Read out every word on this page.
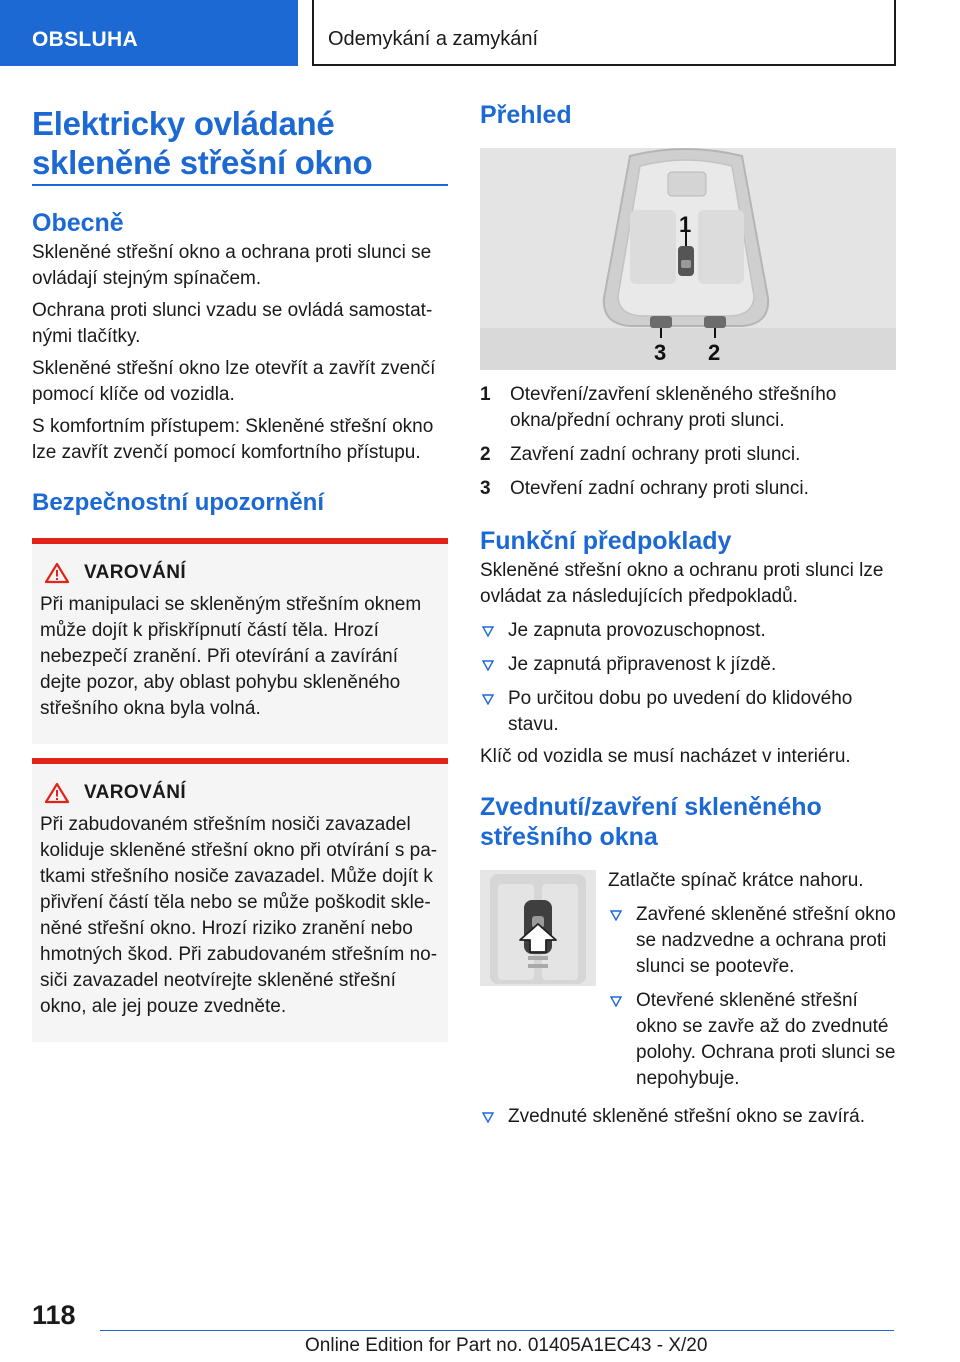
OBSLUHA	Odemykání a zamykání
Elektricky ovládané
skleněné střešní okno
Obecně

Skleněné střešní okno a ochrana proti slunci se ovládají stejným spínačem.

Ochrana proti slunci vzadu se ovládá samostatnými tlačítky.

Skleněné střešní okno lze otevřít a zavřít zvenčí pomocí klíče od vozidla.

S komfortním přístupem: Skleněné střešní okno lze zavřít zvenčí pomocí komfortního přístupu.

Bezpečnostní upozornění
VAROVÁNÍ

Při manipulaci se skleněným střešním oknem může dojít k přiskřípnutí částí těla. Hrozí nebezpečí zranění. Při otevírání a zavírání dejte pozor, aby oblast pohybu skleněného střešního okna byla volná.

VAROVÁNÍ

Při zabudovaném střešním nosiči zavazadel koliduje skleněné střešní okno při otvírání s patkami střešního nosiče zavazadel. Může dojít k přivření částí těla nebo se může poškodit skleněné střešní okno. Hrozí riziko zranění nebo hmotných škod. Při zabudovaném střešním nosiči zavazadel neotvírejte skleněné střešní okno, ale jej pouze zvedněte.

Přehled
1
2
3
1	Otevření/zavření skleněného střešního okna/přední ochrany proti slunci.
2	Zavření zadní ochrany proti slunci.
3	Otevření zadní ochrany proti slunci.
Funkční předpoklady

Skleněné střešní okno a ochranu proti slunci lze ovládat za následujících předpokladů.

Je zapnuta provozuschopnost.
Je zapnutá připravenost k jízdě.
Po určitou dobu po uvedení do klidového stavu.

Klíč od vozidla se musí nacházet v interiéru.

Zvednutí/zavření skleněného
střešního okna

Zatlačte spínač krátce nahoru.

Zavřené skleněné střešní okno se nadzvedne a ochrana proti slunci se pootevře.
Otevřené skleněné střešní okno se zavře až do zvednuté polohy. Ochrana proti slunci se nepohybuje.
Zvednuté skleněné střešní okno se zavírá.
118
Online Edition for Part no. 01405A1EC43 - X/20
